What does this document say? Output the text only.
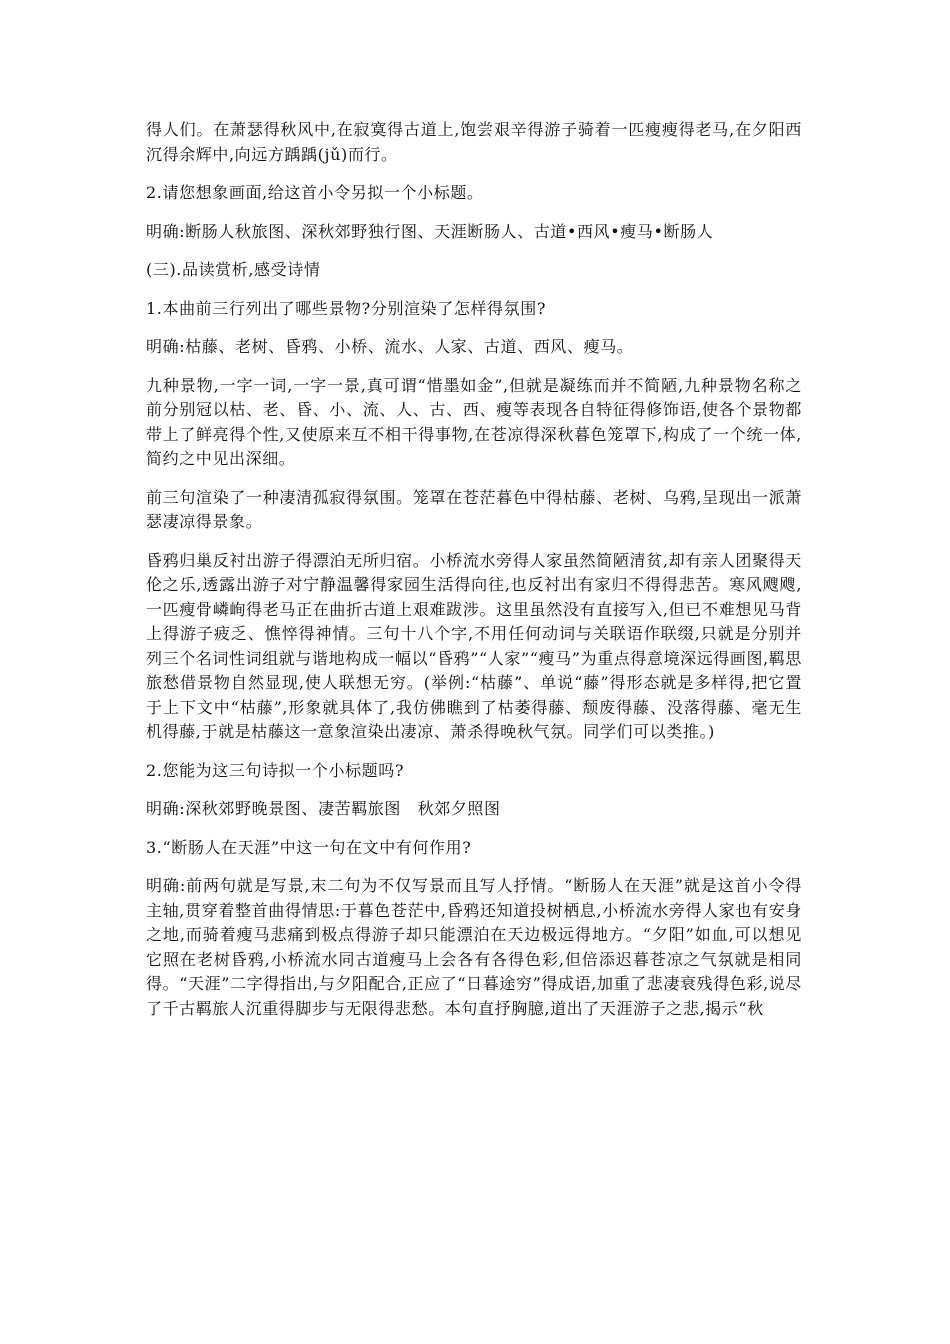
得人们。在萧瑟得秋风中,在寂寞得古道上,饱尝艰辛得游子骑着一匹瘦瘦得老马,在夕阳西沉得余辉中,向远方踽踽(jǔ)而行。

2.请您想象画面,给这首小令另拟一个小标题。

明确:断肠人秋旅图、深秋郊野独行图、天涯断肠人、古道•西风•瘦马•断肠人

(三).品读赏析,感受诗情

1.本曲前三行列出了哪些景物?分别渲染了怎样得氛围?

明确:枯藤、老树、昏鸦、小桥、流水、人家、古道、西风、瘦马。

九种景物,一字一词,一字一景,真可谓“惜墨如金”,但就是凝练而并不简陋,九种景物名称之前分别冠以枯、老、昏、小、流、人、古、西、瘦等表现各自特征得修饰语,使各个景物都带上了鲜亮得个性,又使原来互不相干得事物,在苍凉得深秋暮色笼罩下,构成了一个统一体,简约之中见出深细。

前三句渲染了一种凄清孤寂得氛围。笼罩在苍茫暮色中得枯藤、老树、乌鸦,呈现出一派萧瑟凄凉得景象。

昏鸦归巢反衬出游子得漂泊无所归宿。小桥流水旁得人家虽然简陋清贫,却有亲人团聚得天伦之乐,透露出游子对宁静温馨得家园生活得向往,也反衬出有家归不得得悲苦。寒风飕飕,一匹瘦骨嶙峋得老马正在曲折古道上艰难跋涉。这里虽然没有直接写入,但已不难想见马背上得游子疲乏、憔悴得神情。三句十八个字,不用任何动词与关联语作联缀,只就是分别并列三个名词性词组就与谐地构成一幅以“昏鸦”“人家”“瘦马”为重点得意境深远得画图,羁思旅愁借景物自然显现,使人联想无穷。(举例:“枯藤”、单说“藤”得形态就是多样得,把它置于上下文中“枯藤”,形象就具体了,我仿佛瞧到了枯萎得藤、颓废得藤、没落得藤、毫无生机得藤,于就是枯藤这一意象渲染出凄凉、萧杀得晚秋气氛。同学们可以类推。)

2.您能为这三句诗拟一个小标题吗?

明确:深秋郊野晚景图、凄苦羁旅图　秋郊夕照图

3.“断肠人在天涯”中这一句在文中有何作用?

明确:前两句就是写景,末二句为不仅写景而且写人抒情。“断肠人在天涯”就是这首小令得主轴,贯穿着整首曲得情思:于暮色苍茫中,昏鸦还知道投树栖息,小桥流水旁得人家也有安身之地,而骑着瘦马悲痛到极点得游子却只能漂泊在天边极远得地方。“夕阳”如血,可以想见它照在老树昏鸦,小桥流水同古道瘦马上会各有各得色彩,但倍添迟暮苍凉之气氛就是相同得。“天涯”二字得指出,与夕阳配合,正应了“日暮途穷”得成语,加重了悲凄衰残得色彩,说尽了千古羁旅人沉重得脚步与无限得悲愁。本句直抒胸臆,道出了天涯游子之悲,揭示“秋
